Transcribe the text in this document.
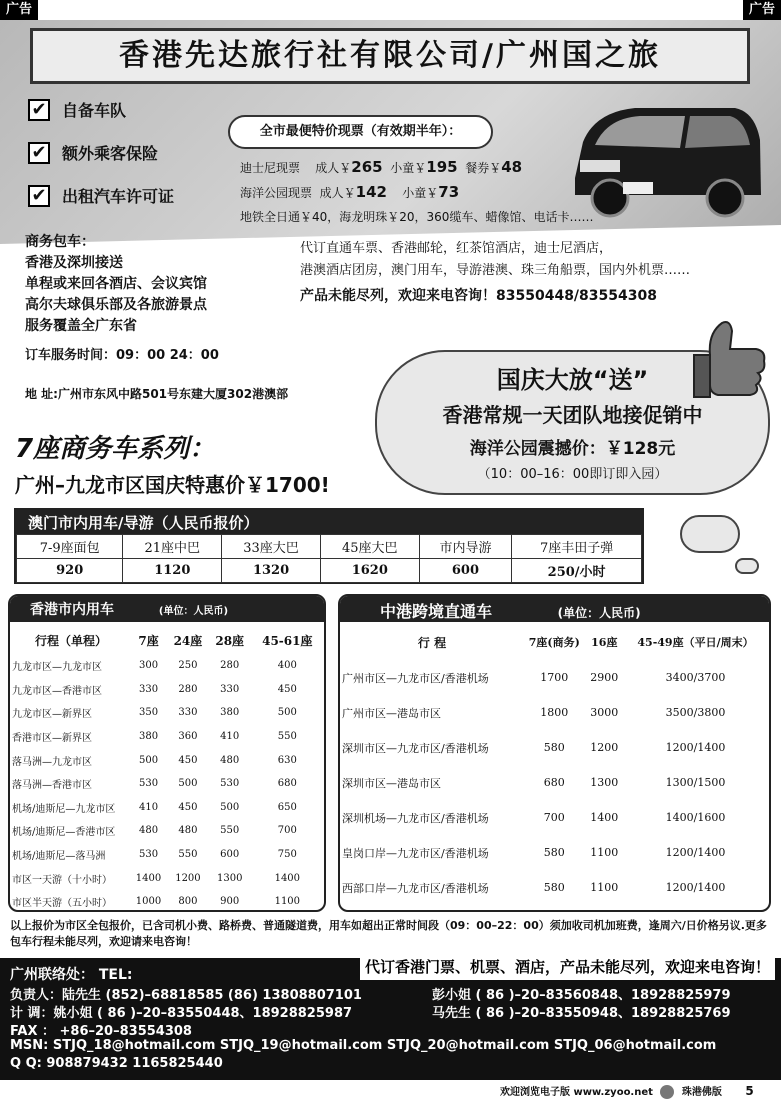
广告	广告
香港先达旅行社有限公司/广州国之旅
✔ 自备车队
✔ 额外乘客保险
✔ 出租汽车许可证
全市最便特价现票（有效期半年）：
迪士尼现票 成人￥265 小童￥195 餐券￥48
海洋公园现票 成人￥142 小童￥73
地铁全日通￥40，海龙明珠￥20，360缆车、蜡像馆、电话卡……
商务包车：
香港及深圳接送
单程或来回各酒店、会议宾馆
高尔夫球俱乐部及各旅游景点
服务覆盖全广东省
订车服务时间：09：00 24：00
代订直通车票、香港邮轮，红茶馆酒店，迪士尼酒店，
港澳酒店团房，澳门用车，导游港澳、珠三角船票，国内外机票……
产品未能尽列，欢迎来电咨询！83550448/83554308
地 址:广州市东风中路501号东建大厦302港澳部	国庆大放“送”
香港常规一天团队地接促销中
海洋公园震撼价：￥128元
（10：00–16：00即订即入园）
7座商务车系列：
广州–九龙市区国庆特惠价￥1700!
澳门市内用车/导游（人民币报价）
7-9座面包	21座中巴	33座大巴	45座大巴	市内导游	7座丰田子弹
920	1120	1320	1620	600	250/小时
香港市内用车	(单位：人民币)
行程（单程）	7座	24座	28座	45-61座
九龙市区—九龙市区	300	250	280	400
九龙市区—香港市区	330	280	330	450
九龙市区—新界区	350	330	380	500
香港市区—新界区	380	360	410	550
落马洲—九龙市区	500	450	480	630
落马洲—香港市区	530	500	530	680
机场/迪斯尼—九龙市区	410	450	500	650
机场/迪斯尼—香港市区	480	480	550	700
机场/迪斯尼—落马洲	530	550	600	750
市区一天游（十小时）	1400	1200	1300	1400
市区半天游（五小时）	1000	800	900	1100
中港跨境直通车	(单位：人民币)
行 程	7座(商务)	16座	45-49座（平日/周末）
广州市区—九龙市区/香港机场	1700	2900	3400/3700
广州市区—港岛市区	1800	3000	3500/3800
深圳市区—九龙市区/香港机场	580	1200	1200/1400
深圳市区—港岛市区	680	1300	1300/1500
深圳机场—九龙市区/香港机场	700	1400	1400/1600
皇岗口岸—九龙市区/香港机场	580	1100	1200/1400
西部口岸—九龙市区/香港机场	580	1100	1200/1400
以上报价为市区全包报价，已含司机小费、路桥费、普通隧道费，用车如超出正常时间段（09：00–22：00）须加收司机加班费，逢周六/日价格另议.更多包车行程未能尽列，欢迎请来电咨询！
代订香港门票、机票、酒店，产品未能尽列，欢迎来电咨询！
广州联络处： TEL:
负责人：陆先生 (852)–68818585 (86) 13808807101	彭小姐 ( 86 )–20–83560848、18928825979
计 调：姚小姐 ( 86 )–20–83550448、18928825987	马先生 ( 86 )–20–83550948、18928825769
FAX ： +86–20–83554308
MSN: STJQ_18@hotmail.com STJQ_19@hotmail.com STJQ_20@hotmail.com STJQ_06@hotmail.com
Q Q: 908879432 1165825440
欢迎浏览电子版 www.zyoo.net	珠港佛版 5
